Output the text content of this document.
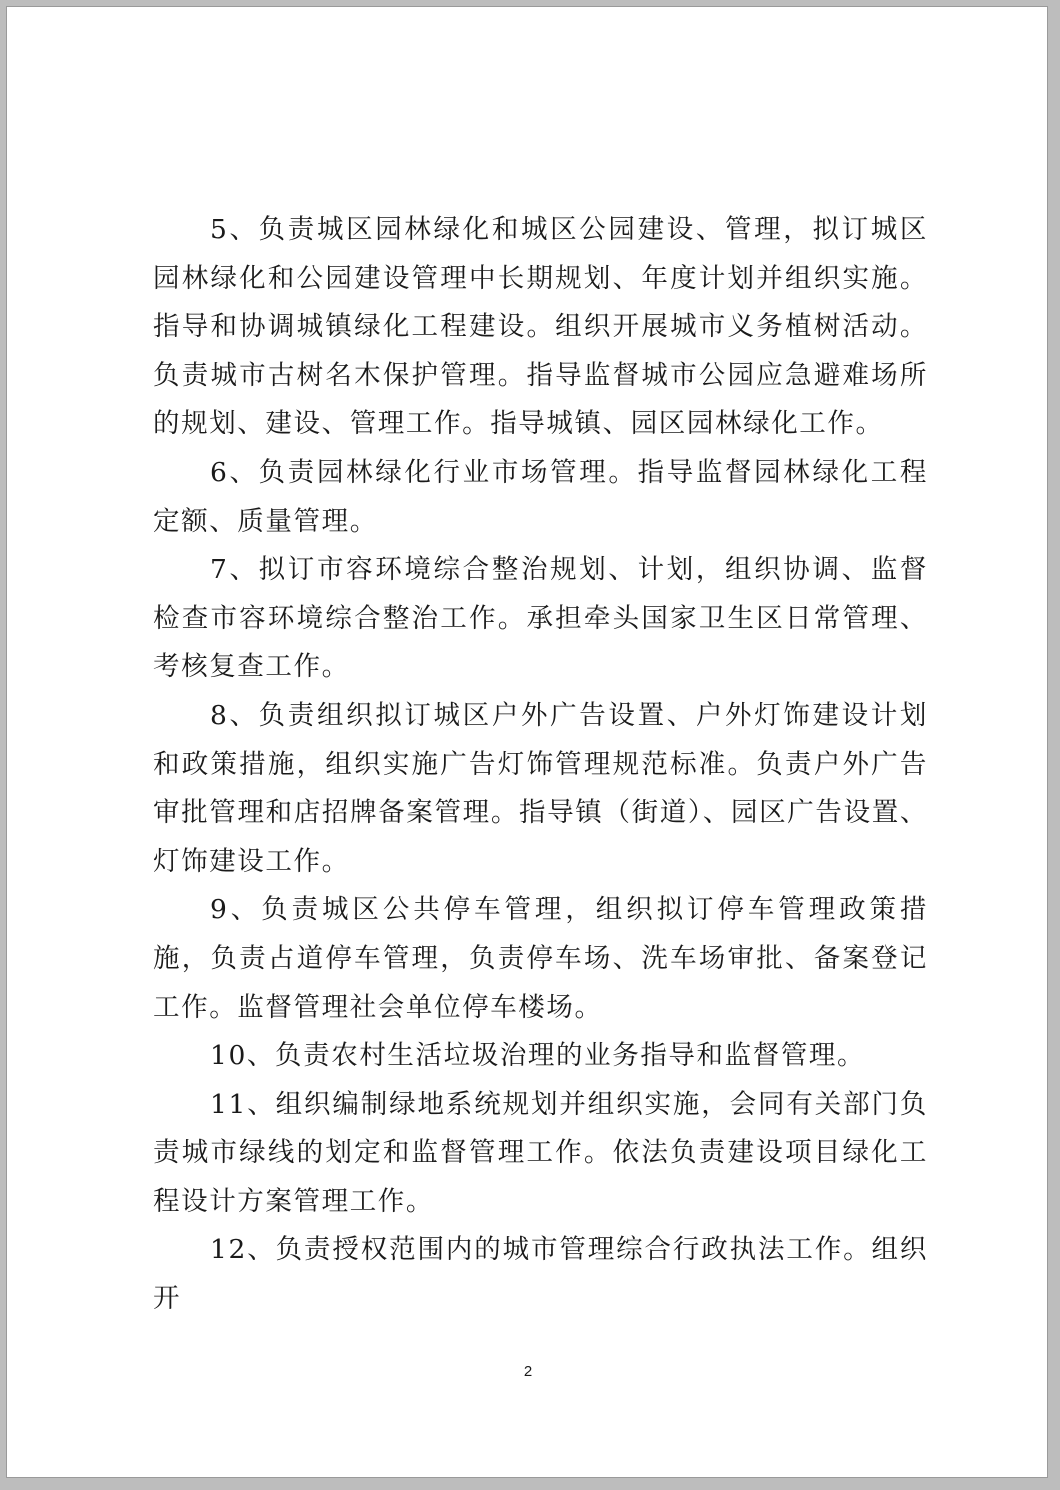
5、负责城区园林绿化和城区公园建设、管理，拟订城区园林绿化和公园建设管理中长期规划、年度计划并组织实施。指导和协调城镇绿化工程建设。组织开展城市义务植树活动。负责城市古树名木保护管理。指导监督城市公园应急避难场所的规划、建设、管理工作。指导城镇、园区园林绿化工作。

6、负责园林绿化行业市场管理。指导监督园林绿化工程定额、质量管理。

7、拟订市容环境综合整治规划、计划，组织协调、监督检查市容环境综合整治工作。承担牵头国家卫生区日常管理、考核复查工作。

8、负责组织拟订城区户外广告设置、户外灯饰建设计划和政策措施，组织实施广告灯饰管理规范标准。负责户外广告审批管理和店招牌备案管理。指导镇（街道）、园区广告设置、灯饰建设工作。

9、负责城区公共停车管理，组织拟订停车管理政策措施，负责占道停车管理，负责停车场、洗车场审批、备案登记工作。监督管理社会单位停车楼场。

10、负责农村生活垃圾治理的业务指导和监督管理。

11、组织编制绿地系统规划并组织实施，会同有关部门负责城市绿线的划定和监督管理工作。依法负责建设项目绿化工程设计方案管理工作。

12、负责授权范围内的城市管理综合行政执法工作。组织开

2
